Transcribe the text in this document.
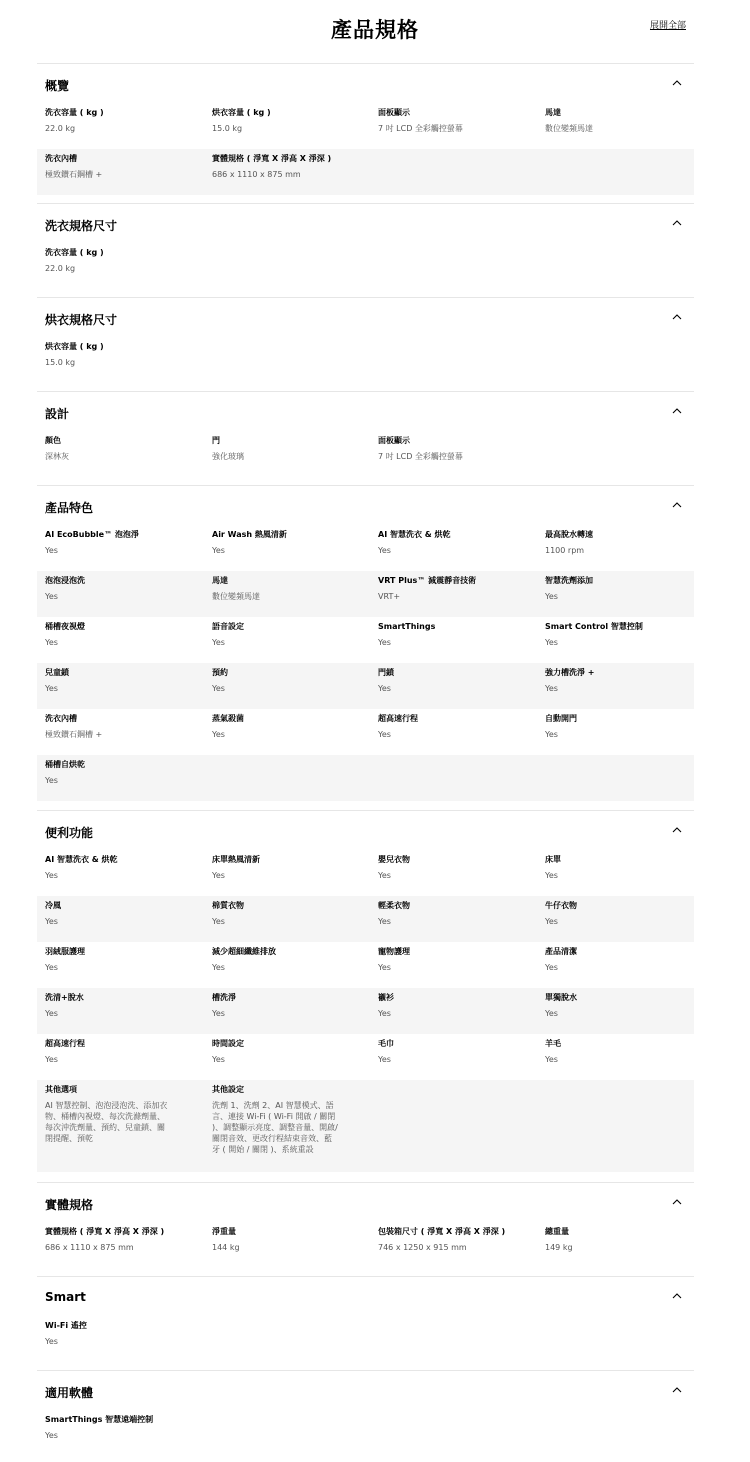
產品規格	展開全部
概覽
洗衣容量 ( kg )
22.0 kg
烘衣容量 ( kg )
15.0 kg
面板顯示
7 吋 LCD 全彩觸控螢幕
馬達
數位變頻馬達
洗衣內槽
極致鑽石鋼槽 +
實體規格 ( 淨寬 X 淨高 X 淨深 )
686 x 1110 x 875 mm
洗衣規格尺寸
洗衣容量 ( kg )
22.0 kg
烘衣規格尺寸
烘衣容量 ( kg )
15.0 kg
設計
顏色
深林灰
門
強化玻璃
面板顯示
7 吋 LCD 全彩觸控螢幕
產品特色
AI EcoBubble™ 泡泡淨
Yes
Air Wash 熱風清新
Yes
AI 智慧洗衣 & 烘乾
Yes
最高脫水轉速
1100 rpm
泡泡浸泡洗
Yes
馬達
數位變頻馬達
VRT Plus™ 減震靜音技術
VRT+
智慧洗劑添加
Yes
桶槽夜視燈
Yes
語音設定
Yes
SmartThings
Yes
Smart Control 智慧控制
Yes
兒童鎖
Yes
預約
Yes
門鎖
Yes
強力槽洗淨 +
Yes
洗衣內槽
極致鑽石鋼槽 +
蒸氣殺菌
Yes
超高速行程
Yes
自動開門
Yes
桶槽自烘乾
Yes
便利功能
AI 智慧洗衣 & 烘乾
Yes
床單熱風清新
Yes
嬰兒衣物
Yes
床單
Yes
冷風
Yes
棉質衣物
Yes
輕柔衣物
Yes
牛仔衣物
Yes
羽絨服護理
Yes
減少超細纖維排放
Yes
寵物護理
Yes
產品清潔
Yes
洗清+脫水
Yes
槽洗淨
Yes
襯衫
Yes
單獨脫水
Yes
超高速行程
Yes
時間設定
Yes
毛巾
Yes
羊毛
Yes
其他選項
AI 智慧控制、泡泡浸泡洗、添加衣
物、桶槽內視燈、每次洗滌劑量、
每次沖洗劑量、預約、兒童鎖、關
閉提醒、預乾
其他設定
洗劑 1、洗劑 2、AI 智慧模式、語
言、連接 Wi-Fi ( Wi-Fi 開啟 / 關閉
)、調整顯示亮度、調整音量、開啟/
關閉音效、更改行程結束音效、藍
牙 ( 開始 / 關閉 )、系統重設
實體規格
實體規格 ( 淨寬 X 淨高 X 淨深 )
686 x 1110 x 875 mm
淨重量
144 kg
包裝箱尺寸 ( 淨寬 X 淨高 X 淨深 )
746 x 1250 x 915 mm
總重量
149 kg
Smart
Wi-Fi 遙控
Yes
適用軟體
SmartThings 智慧遠端控制
Yes
